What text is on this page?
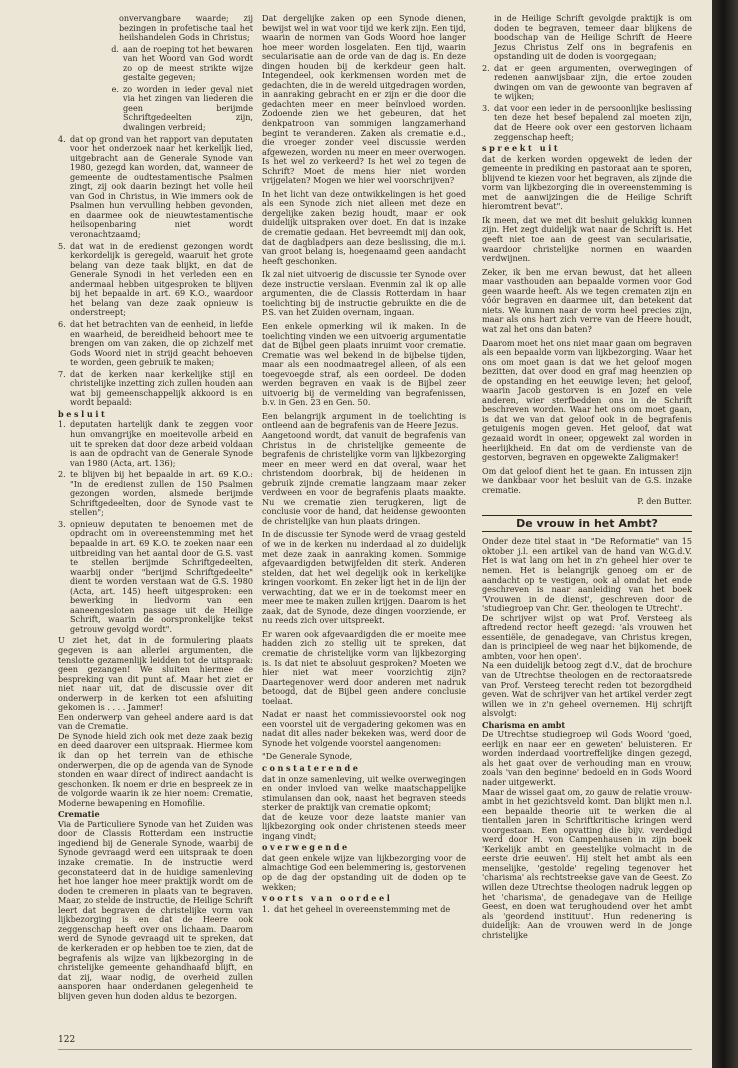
onvervangbare waarde; zij bezingen in profetische taal het heilshandelen Gods in Christus;
d. aan de roeping tot het bewaren van het Woord van God wordt zo op de meest strikte wijze gestalte gegeven;
e. zo worden in ieder geval niet via het zingen van liederen die geen berijmde Schriftgedeelten zijn, dwalingen verbreid;
4. dat op grond van het rapport van deputaten voor het onderzoek naar het kerkelijk lied, uitgebracht aan de Generale Synode van 1980, gezegd kan worden, dat, wanneer de gemeente de oudtestamentische Psalmen zingt, zij ook daarin bezingt het volle heil van God in Christus, in Wie immers ook de Psalmen hun vervulling hebben gevonden, en daarmee ook de nieuwtestamentische heilsopenbaring niet wordt veronachtzaamd;
5. dat wat in de eredienst gezongen wordt kerkordelijk is geregeld, waaruit het grote belang van deze taak blijkt, en dat de Generale Synodi in het verleden een en andermaal hebben uitgesproken te blijven bij het bepaalde in art. 69 K.O., waardoor het belang van deze zaak opnieuw is onderstreept;
6. dat het betrachten van de eenheid, in liefde en waarheid, de bereidheid behoort mee te brengen om van zaken, die op zichzelf met Gods Woord niet in strijd geacht behoeven te worden, geen gebruik te maken;
7. dat de kerken naar kerkelijke stijl en christelijke inzetting zich zullen houden aan wat bij gemeenschappelijk akkoord is en wordt bepaald:
besluit
1. deputaten hartelijk dank te zeggen voor hun omvangrijke en moeitevolle arbeid en uit te spreken dat door deze arbeid voldaan is aan de opdracht van de Generale Synode van 1980 (Acta, art. 136);
2. te blijven bij het bepaalde in art. 69 K.O.: "In de eredienst zullen de 150 Psalmen gezongen worden, alsmede berijmde Schriftgedeelten, door de Synode vast te stellen";
3. opnieuw deputaten te benoemen met de opdracht om in overeenstemming met het bepaalde in art. 69 K.O. te zoeken naar een uitbreiding van het aantal door de G.S. vast te stellen berijmde Schriftgedeelten, waarbij onder "berijmd Schriftgedeelte" dient te worden verstaan wat de G.S. 1980 (Acta, art. 145) heeft uitgesproken: een bewerking in liedvorm van een aaneengesloten passage uit de Heilige Schrift, waarin de oorspronkelijke tekst getrouw gevolgd wordt".

U ziet het, dat in de formulering plaats gegeven is aan allerlei argumenten, die tenslotte gezamenlijk leidden tot de uitspraak: geen gezangen! We sluiten hiermee de bespreking van dit punt af. Maar het ziet er niet naar uit, dat de discussie over dit onderwerp in de kerken tot een afsluiting gekomen is . . . . Jammer!

Een onderwerp van geheel andere aard is dat van de Crematie.

De Synode hield zich ook met deze zaak bezig en deed daarover een uitspraak. Hiermee kom ik dan op het terrein van de ethische onderwerpen, die op de agenda van de Synode stonden en waar direct of indirect aandacht is geschonken. Ik noem er drie en bespreek ze in de volgorde waarin ik ze hier noem: Crematie, Moderne bewapening en Homofilie.

Crematie

Via de Particuliere Synode van het Zuiden was door de Classis Rotterdam een instructie ingediend bij de Generale Synode, waarbij de Synode gevraagd werd een uitspraak te doen inzake crematie. In de instructie werd geconstateerd dat in de huidige samenleving het hoe langer hoe meer praktijk wordt om de doden te cremeren in plaats van te begraven. Maar, zo stelde de instructie, de Heilige Schrift leert dat begraven de christelijke vorm van lijkbezorging is en dat de Heere ook zeggenschap heeft over ons lichaam. Daarom werd de Synode gevraagd uit te spreken, dat de kerkeraden er op hebben toe te zien, dat de begrafenis als wijze van lijkbezorging in de christelijke gemeente gehandhaafd blijft, en dat zij, waar nodig, de overheid zullen aansporen haar onderdanen gelegenheid te blijven geven hun doden aldus te bezorgen.

Dat dergelijke zaken op een Synode dienen, bewijst wel in wat voor tijd we kerk zijn. Een tijd, waarin de normen van Gods Woord hoe langer hoe meer worden losgelaten. Een tijd, waarin secularisatie aan de orde van de dag is. En deze dingen houden bij de kerkdeur geen halt. Integendeel, ook kerkmensen worden met de gedachten, die in de wereld uitgedragen worden, in aanraking gebracht en er zijn er die door die gedachten meer en meer beïnvloed worden. Zodoende zien we het gebeuren, dat het denkpatroon van sommigen langzamerhand begint te veranderen. Zaken als crematie e.d., die vroeger zonder veel discussie werden afgewezen, worden nu meer en meer overwogen. Is het wel zo verkeerd? Is het wel zo tegen de Schrift? Moet de mens hier niet worden vrijgelaten? Mogen we hier wel voorschrijven?

In het licht van deze ontwikkelingen is het goed als een Synode zich niet alleen met deze en dergelijke zaken bezig houdt, maar er ook duidelijk uitspraken over doet. En dat is inzake de crematie gedaan. Het bevreemdt mij dan ook, dat de dagbladpers aan deze beslissing, die m.i. van groot belang is, hoegenaamd geen aandacht heeft geschonken.

Ik zal niet uitvoerig de discussie ter Synode over deze instructie verslaan. Evenmin zal ik op alle argumenten, die de Classis Rotterdam in haar toelichting bij de instructie gebruikte en die de P.S. van het Zuiden overnam, ingaan.

Een enkele opmerking wil ik maken. In de toelichting vinden we een uitvoerig argumentatie dat de Bijbel geen plaats inruimt voor crematie. Crematie was wel bekend in de bijbelse tijden, maar als een noodmaatregel alleen, of als een toegevoegde straf, als een oordeel. De doden werden begraven en vaak is de Bijbel zeer uitvoerig bij de vermelding van begrafenissen, b.v. in Gen. 23 en Gen. 50.

Een belangrijk argument in de toelichting is ontleend aan de begrafenis van de Heere Jezus.

Aangetoond wordt, dat vanuit de begrafenis van Christus in de christelijke gemeente de begrafenis de christelijke vorm van lijkbezorging meer en meer werd en dat overal, waar het christendom doorbrak, bij de heidenen in gebruik zijnde crematie langzaam maar zeker verdween en voor de begrafenis plaats maakte. Nu we crematie zien terugkeren, ligt de conclusie voor de hand, dat heidense gewoonten de christelijke van hun plaats dringen.

In de discussie ter Synode werd de vraag gesteld of we in de kerken nu inderdaad al zo duidelijk met deze zaak in aanraking komen. Sommige afgevaardigden betwijfelden dit sterk. Anderen stelden, dat het wel degelijk ook in kerkelijke kringen voorkomt. En zeker ligt het in de lijn der verwachting, dat we er in de toekomst meer en meer mee te maken zullen krijgen. Daarom is het zaak, dat de Synode, deze dingen voorziende, er nu reeds zich over uitspreekt.

Er waren ook afgevaardigden die er moeite mee hadden zich zo stellig uit te spreken, dat crematie de christelijke vorm van lijkbezorging is. Is dat niet te absoluut gesproken? Moeten we hier niet wat meer voorzichtig zijn? Daartegenover werd door anderen met nadruk betoogd, dat de Bijbel geen andere conclusie toelaat.

Nadat er naast het commissievoorstel ook nog een voorstel uit de vergadering gekomen was en nadat dit alles nader bekeken was, werd door de Synode het volgende voorstel aangenomen:

"De Generale Synode,

constaterende

dat in onze samenleving, uit welke overwegingen en onder invloed van welke maatschappelijke stimulansen dan ook, naast het begraven steeds sterker de praktijk van crematie opkomt;

dat de keuze voor deze laatste manier van lijkbezorging ook onder christenen steeds meer ingang vindt;

overwegende

dat geen enkele wijze van lijkbezorging voor de almachtige God een belemmering is, gestorvenen op de dag der opstanding uit de doden op te wekken;

voorts van oordeel
1. dat het geheel in overeenstemming met de
in de Heilige Schrift gevolgde praktijk is om doden te begraven, temeer daar blijkens de boodschap van de Heilige Schrift de Heere Jezus Christus Zelf ons in begrafenis en opstanding uit de doden is voorgegaan;
2. dat er geen argumenten, overwegingen of redenen aanwijsbaar zijn, die ertoe zouden dwingen om van de gewoonte van begraven af te wijken;
3. dat voor een ieder in de persoonlijke beslissing ten deze het besef bepalend zal moeten zijn, dat de Heere ook over een gestorven lichaam zeggenschap heeft;
spreekt uit

dat de kerken worden opgewekt de leden der gemeente in prediking en pastoraat aan te sporen, blijvend te kiezen voor het begraven, als zijnde die vorm van lijkbezorging die in overeenstemming is met de aanwijzingen die de Heilige Schrift hieromtrent bevat".

Ik meen, dat we met dit besluit gelukkig kunnen zijn. Het zegt duidelijk wat naar de Schrift is. Het geeft niet toe aan de geest van secularisatie, waardoor christelijke normen en waarden verdwijnen.

Zeker, ik ben me ervan bewust, dat het alleen maar vasthouden aan bepaalde vormen voor God geen waarde heeft. Als we tegen crematen zijn en vóór begraven en daarmee uit, dan betekent dat niets. We kunnen naar de vorm heel precies zijn, maar als ons hart zich verre van de Heere houdt, wat zal het ons dan baten?

Daarom moet het ons niet maar gaan om begraven als een bepaalde vorm van lijkbezorging. Waar het ons om moet gaan is dat we het geloof mogen bezitten, dat over dood en graf mag heenzien op de opstanding en het eeuwige leven; het geloof, waarin Jacob gestorven is en Jozef en vele anderen, wier sterfbedden ons in de Schrift beschreven worden. Waar het ons om moet gaan, is dat we van dat geloof ook in de begrafenis getuigenis mogen geven. Het geloof, dat wat gezaaid wordt in oneer, opgewekt zal worden in heerlijkheid. En dat om de verdienste van de gestorven, begraven en opgewekte Zaligmaker!

Om dat geloof dient het te gaan. En intussen zijn we dankbaar voor het besluit van de G.S. inzake crematie.

P. den Butter.
De vrouw in het Ambt?

Onder deze titel staat in "De Reformatie" van 15 oktober j.l. een artikel van de hand van W.G.d.V. Het is wat lang om het in z'n geheel hier over te nemen. Het is belangrijk genoeg om er de aandacht op te vestigen, ook al omdat het ende geschreven is naar aanleiding van het boek 'Vrouwen in de dienst', geschreven door de 'studiegroep van Chr. Ger. theologen te Utrecht'.

De schrijver wijst op wat Prof. Versteeg als aftredend rector heeft gezegd: 'als vrouwen het essentiële, de genadegave, van Christus kregen, dan is principieel de weg naar het bijkomende, de ambten, voor hen open'.

Na een duidelijk betoog zegt d.V., dat de brochure van de Utrechtse theologen en de rectoraatsrede van Prof. Versteeg terecht reden tot bezorgdheid geven. Wat de schrijver van het artikel verder zegt willen we in z'n geheel overnemen. Hij schrijft alsvolgt:

Charisma en ambt

De Utrechtse studiegroep wil Gods Woord 'goed, eerlijk en naar eer en geweten' beluisteren. Er worden inderdaad voortreffelijke dingen gezegd, als het gaat over de verhouding man en vrouw, zoals 'van den beginne' bedoeld en in Gods Woord nader uitgewerkt.

Maar de wissel gaat om, zo gauw de relatie vrouw-ambt in het gezichtsveld komt. Dan blijkt men n.l. een bepaalde theorie uit te werken die al tientallen jaren in Schriftkritische kringen werd voorgestaan. Een opvatting die bijv. verdedigd werd door H. von Campenhausen in zijn boek 'Kerkelijk ambt en geestelijke volmacht in de eerste drie eeuwen'. Hij stelt het ambt als een menselijke, 'gestolde' regeling tegenover het 'charisma' als rechtstreekse gave van de Geest. Zo willen deze Utrechtse theologen nadruk leggen op het 'charisma', de genadegave van de Heilige Geest, en doen wat terughoudend over het ambt als 'geordend instituut'. Hun redenering is duidelijk: Aan de vrouwen werd in de jonge christelijke

122
